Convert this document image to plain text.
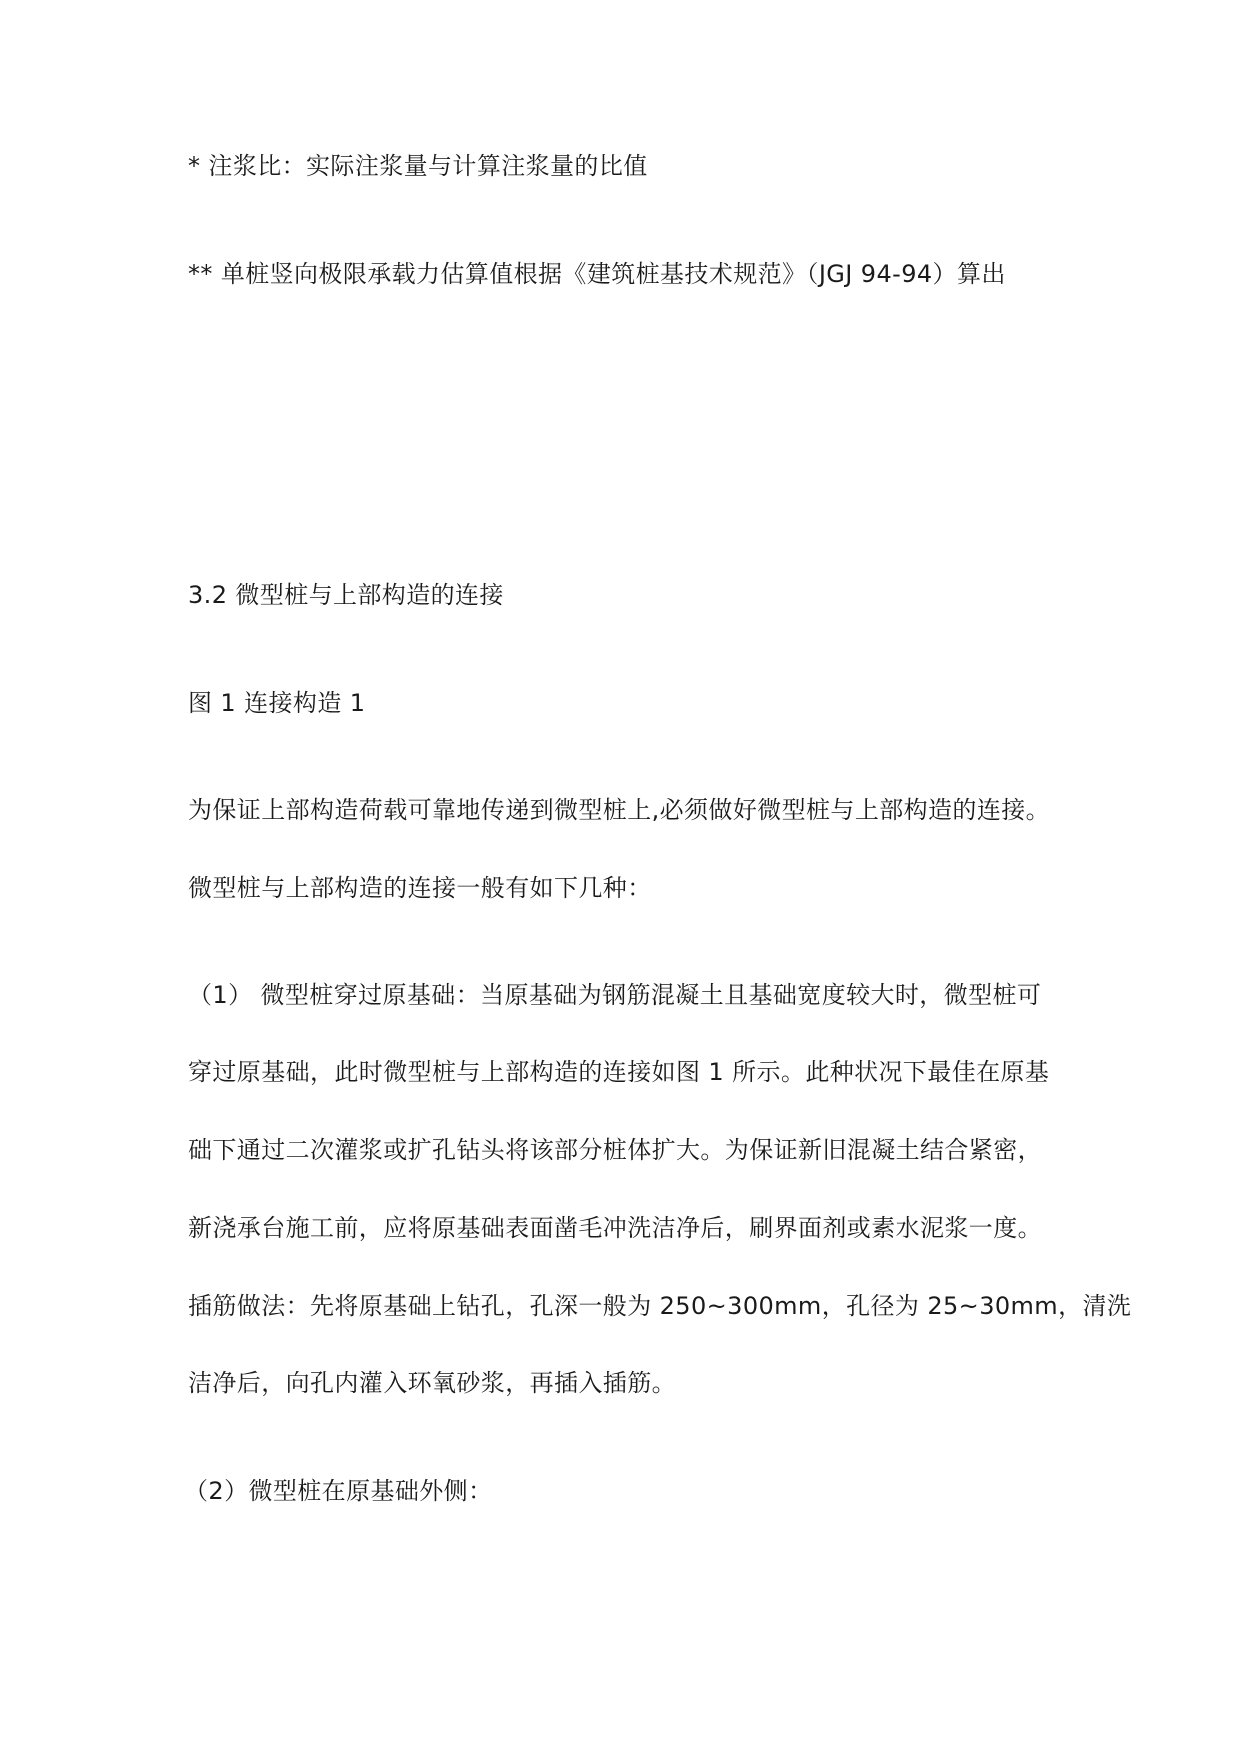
* 注浆比：实际注浆量与计算注浆量的比值
** 单桩竖向极限承载力估算值根据《建筑桩基技术规范》（JGJ 94-94）算出
3.2 微型桩与上部构造的连接
图 1 连接构造 1
为保证上部构造荷载可靠地传递到微型桩上,必须做好微型桩与上部构造的连接。
微型桩与上部构造的连接一般有如下几种：
（1） 微型桩穿过原基础：当原基础为钢筋混凝土且基础宽度较大时，微型桩可
穿过原基础，此时微型桩与上部构造的连接如图 1 所示。此种状况下最佳在原基
础下通过二次灌浆或扩孔钻头将该部分桩体扩大。为保证新旧混凝土结合紧密，
新浇承台施工前，应将原基础表面凿毛冲洗洁净后，刷界面剂或素水泥浆一度。
插筋做法：先将原基础上钻孔，孔深一般为 250~300mm，孔径为 25~30mm，清洗
洁净后，向孔内灌入环氧砂浆，再插入插筋。
（2）微型桩在原基础外侧：
